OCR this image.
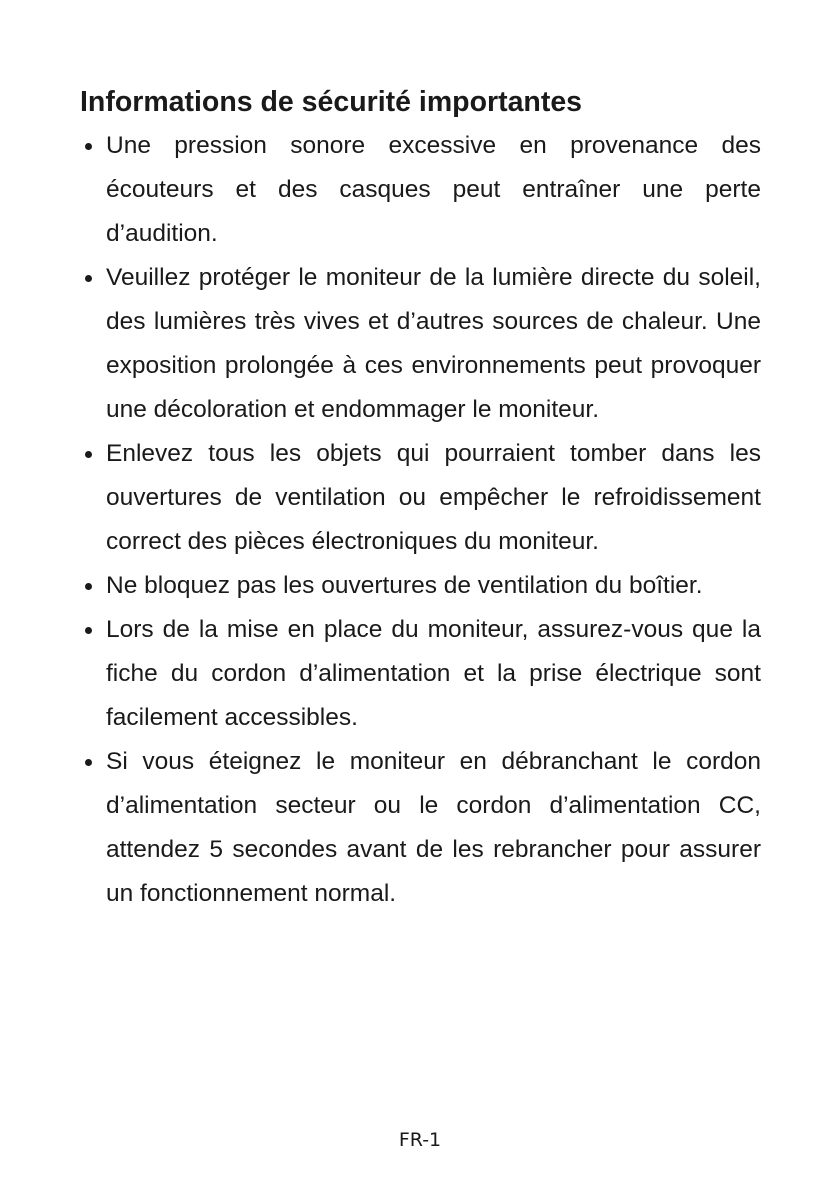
Informations de sécurité importantes
Une pression sonore excessive en provenance des écouteurs et des casques peut entraîner une perte d’audition.
Veuillez protéger le moniteur de la lumière directe du soleil, des lumières très vives et d’autres sources de chaleur. Une exposition prolongée à ces environnements peut provoquer une décoloration et endommager le moniteur.
Enlevez tous les objets qui pourraient tomber dans les ouvertures de ventilation ou empêcher le refroidissement correct des pièces électroniques du moniteur.
Ne bloquez pas les ouvertures de ventilation du boîtier.
Lors de la mise en place du moniteur, assurez-vous que la fiche du cordon d’alimentation et la prise électrique sont facilement accessibles.
Si vous éteignez le moniteur en débranchant le cordon d’alimentation secteur ou le cordon d’alimentation CC, attendez 5 secondes avant de les rebrancher pour assurer un fonctionnement normal.
FR-1
